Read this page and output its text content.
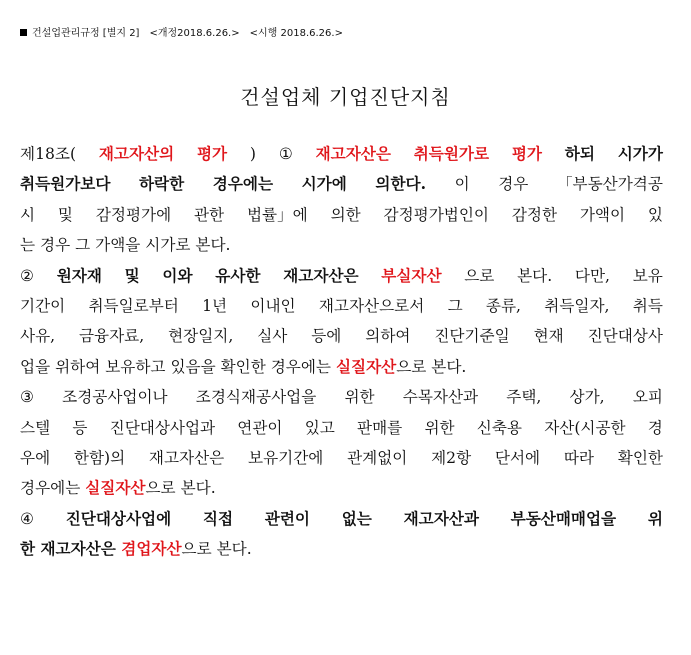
건설업관리규정 [별지 2] <개정2018.6.26.> <시행 2018.6.26.>
건설업체 기업진단지침
제18조( 재고자산의 평가 ) ① 재고자산은 취득원가로 평가 하되 시가가
취득원가보다 하락한 경우에는 시가에 의한다. 이 경우 「부동산가격공
시 및 감정평가에 관한 법률」에 의한 감정평가법인이 감정한 가액이 있
는 경우 그 가액을 시가로 본다.
② 원자재 및 이와 유사한 재고자산은 부실자산 으로 본다. 다만, 보유
기간이 취득일로부터 1년 이내인 재고자산으로서 그 종류, 취득일자, 취득
사유, 금융자료, 현장일지, 실사 등에 의하여 진단기준일 현재 진단대상사
업을 위하여 보유하고 있음을 확인한 경우에는 실질자산 으로 본다.
③ 조경공사업이나 조경식재공사업을 위한 수목자산과 주택, 상가, 오피
스텔 등 진단대상사업과 연관이 있고 판매를 위한 신축용 자산(시공한 경
우에 한함)의 재고자산은 보유기간에 관계없이 제2항 단서에 따라 확인한
경우에는 실질자산 으로 본다.
④ 진단대상사업에 직접 관련이 없는 재고자산과 부동산매매업을 위
한 재고자산은 겸업자산 으로 본다.
